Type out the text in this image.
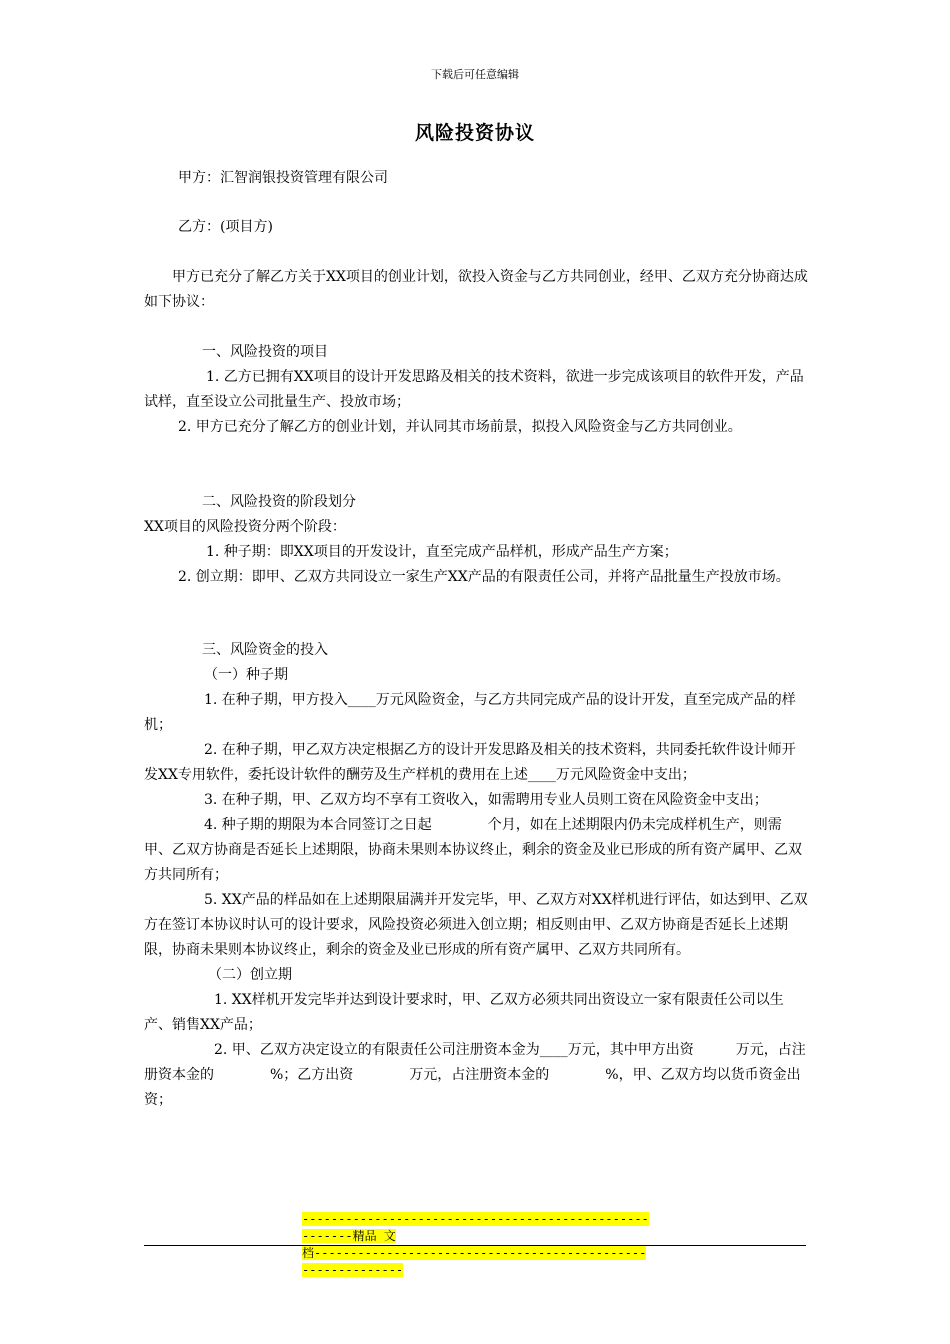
下载后可任意编辑
风险投资协议

甲方：汇智润银投资管理有限公司

乙方：(项目方)

甲方已充分了解乙方关于XX项目的创业计划，欲投入资金与乙方共同创业，经甲、乙双方充分协商达成如下协议：

一、风险投资的项目

1. 乙方已拥有XX项目的设计开发思路及相关的技术资料，欲进一步完成该项目的软件开发，产品试样，直至设立公司批量生产、投放市场；

2. 甲方已充分了解乙方的创业计划，并认同其市场前景，拟投入风险资金与乙方共同创业。

二、风险投资的阶段划分

XX项目的风险投资分两个阶段：

1. 种子期：即XX项目的开发设计，直至完成产品样机，形成产品生产方案；

2. 创立期：即甲、乙双方共同设立一家生产XX产品的有限责任公司，并将产品批量生产投放市场。

三、风险资金的投入

（一）种子期

1. 在种子期，甲方投入____万元风险资金，与乙方共同完成产品的设计开发，直至完成产品的样机；

2. 在种子期，甲乙双方决定根据乙方的设计开发思路及相关的技术资料，共同委托软件设计师开发XX专用软件，委托设计软件的酬劳及生产样机的费用在上述____万元风险资金中支出；

3. 在种子期，甲、乙双方均不享有工资收入，如需聘用专业人员则工资在风险资金中支出；

4. 种子期的期限为本合同签订之日起　　　　个月，如在上述期限内仍未完成样机生产，则需甲、乙双方协商是否延长上述期限，协商未果则本协议终止，剩余的资金及业已形成的所有资产属甲、乙双方共同所有；

5. XX产品的样品如在上述期限届满并开发完毕，甲、乙双方对XX样机进行评估，如达到甲、乙双方在签订本协议时认可的设计要求，风险投资必须进入创立期；相反则由甲、乙双方协商是否延长上述期限，协商未果则本协议终止，剩余的资金及业已形成的所有资产属甲、乙双方共同所有。

（二）创立期

1. XX样机开发完毕并达到设计要求时，甲、乙双方必须共同出资设立一家有限责任公司以生产、销售XX产品；

2. 甲、乙双方决定设立的有限责任公司注册资本金为____万元，其中甲方出资　　　万元，占注册资本金的　　　　%；乙方出资　　　　万元，占注册资本金的　　　　%，甲、乙双方均以货币资金出资；

-------------------------------------------------------精品 文
档------------------------------------------------------------
